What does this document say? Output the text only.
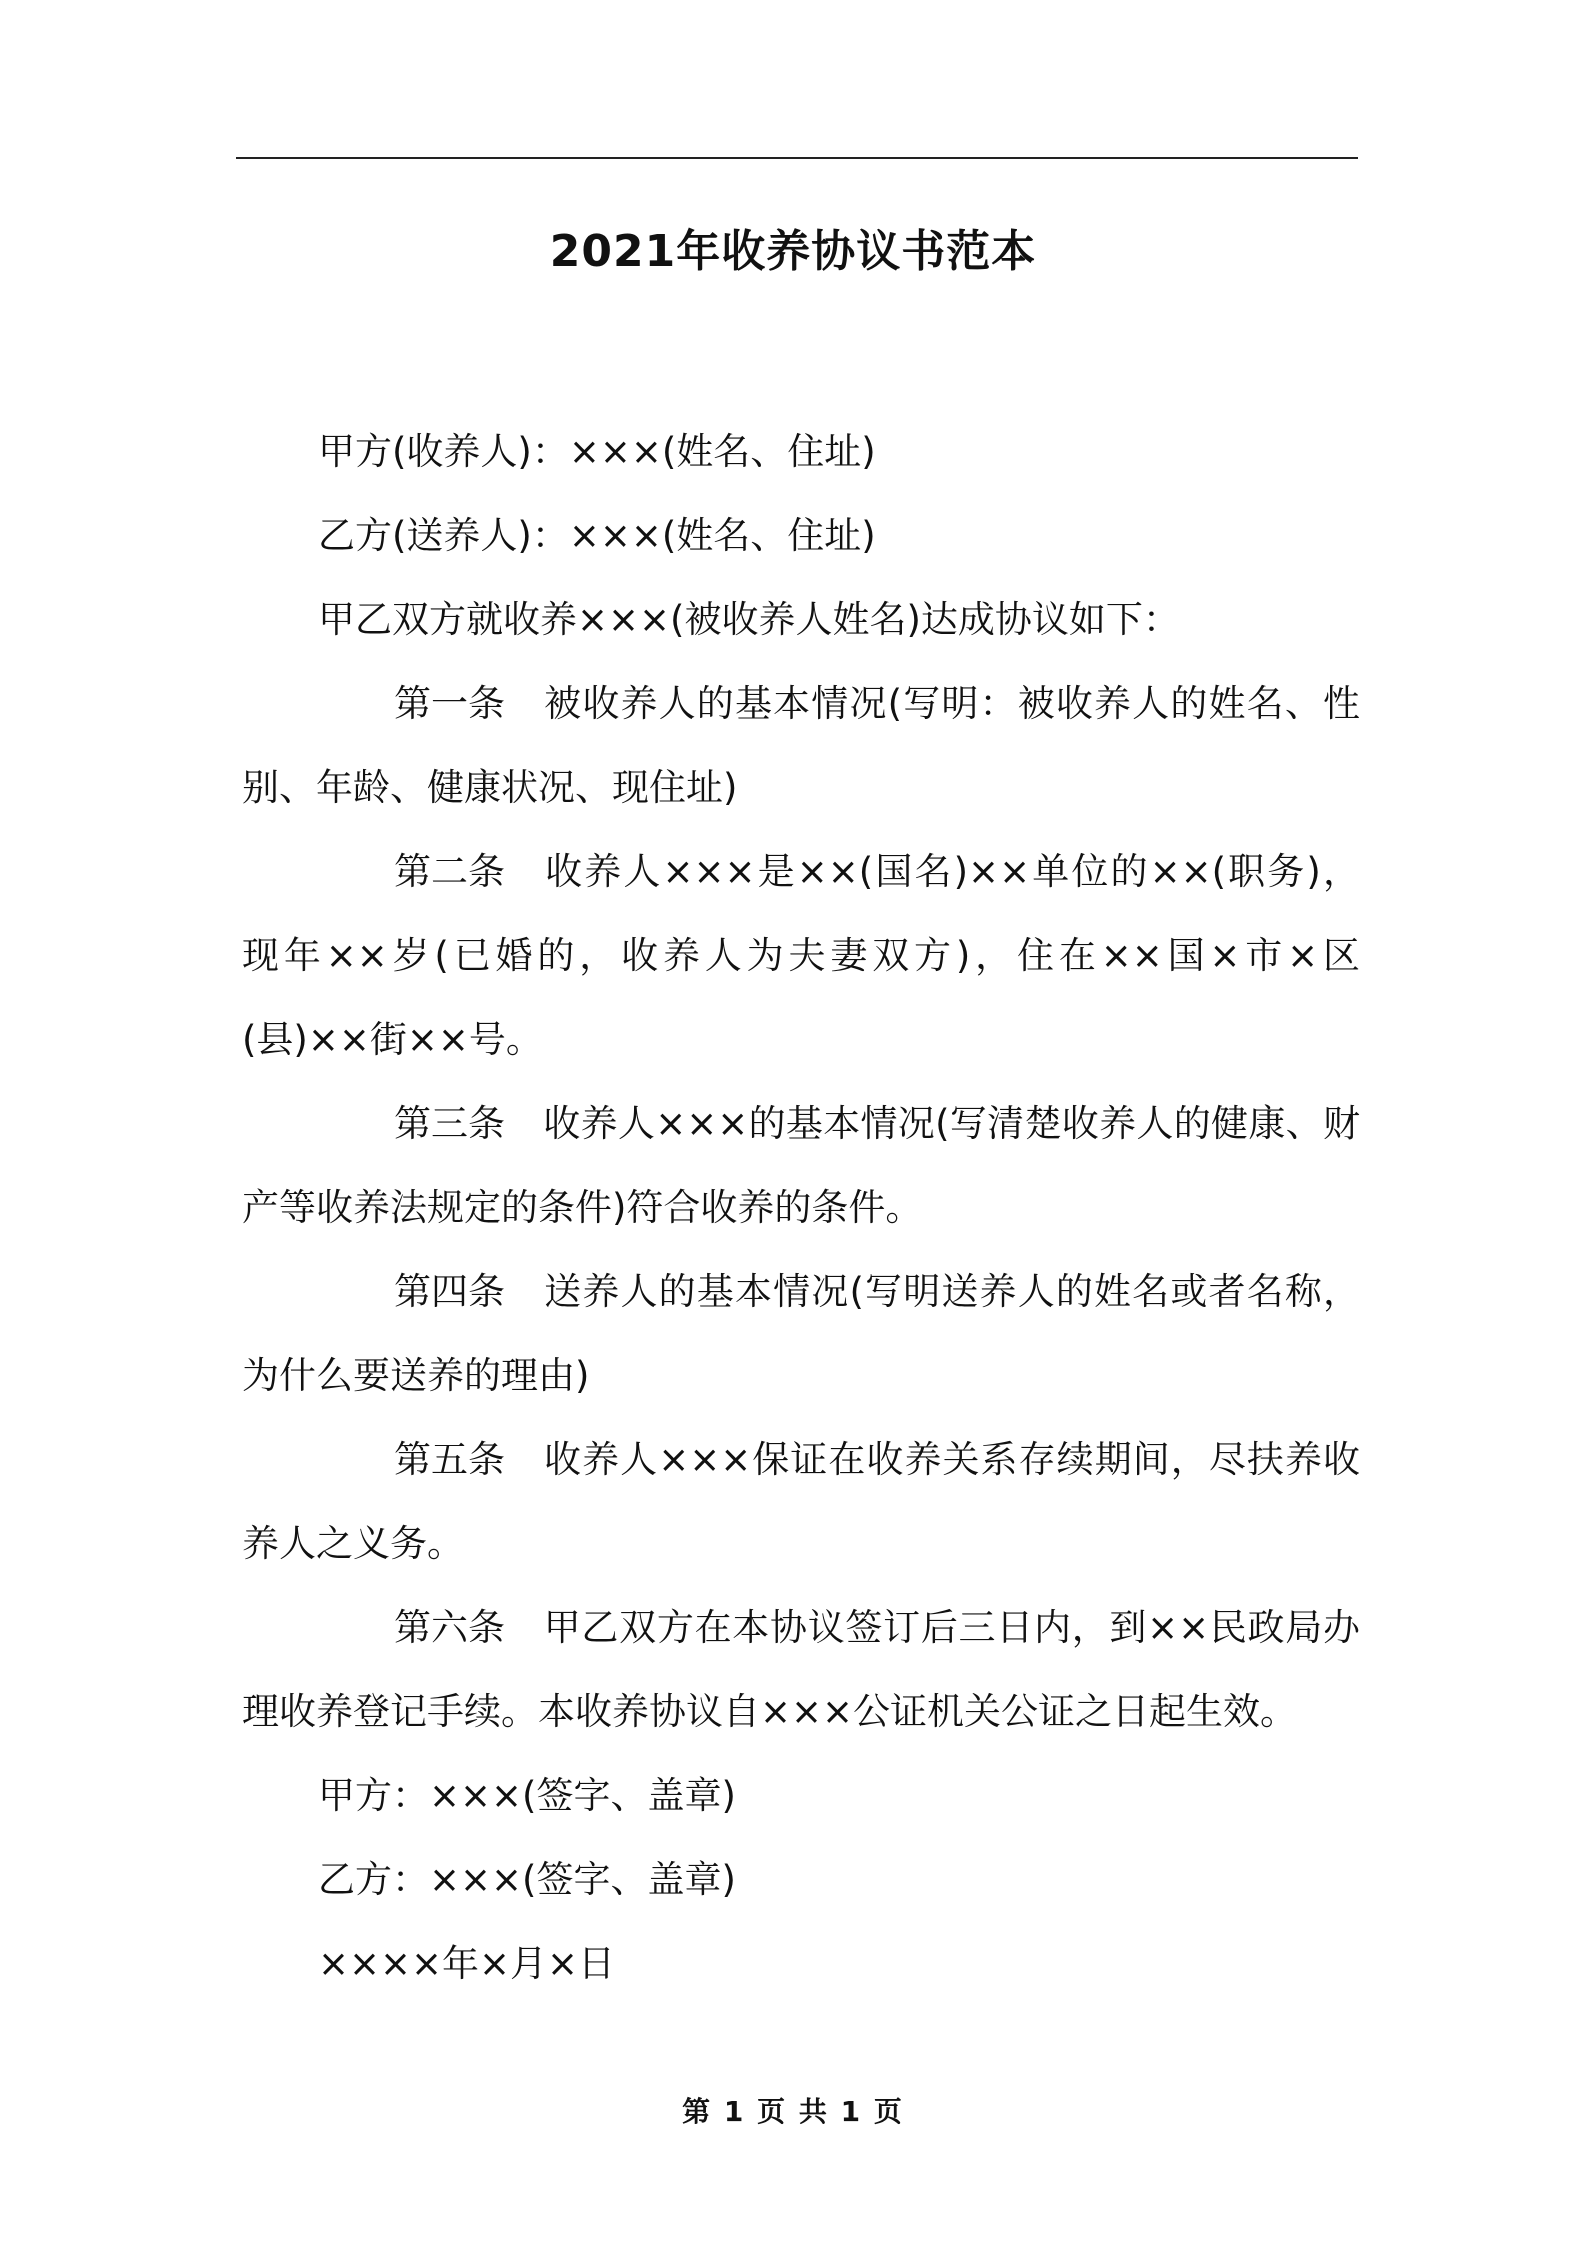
2021年收养协议书范本

甲方(收养人)：×××(姓名、住址)

乙方(送养人)：×××(姓名、住址)

甲乙双方就收养×××(被收养人姓名)达成协议如下：

第一条 被收养人的基本情况(写明：被收养人的姓名、性别、年龄、健康状况、现住址)

第二条 收养人×××是××(国名)××单位的××(职务)，现年××岁(已婚的，收养人为夫妻双方)，住在××国×市×区(县)××街××号。

第三条 收养人×××的基本情况(写清楚收养人的健康、财产等收养法规定的条件)符合收养的条件。

第四条 送养人的基本情况(写明送养人的姓名或者名称，为什么要送养的理由)

第五条 收养人×××保证在收养关系存续期间，尽扶养收养人之义务。

第六条 甲乙双方在本协议签订后三日内，到××民政局办理收养登记手续。本收养协议自×××公证机关公证之日起生效。

甲方：×××(签字、盖章)

乙方：×××(签字、盖章)

××××年×月×日

第 1 页 共 1 页
